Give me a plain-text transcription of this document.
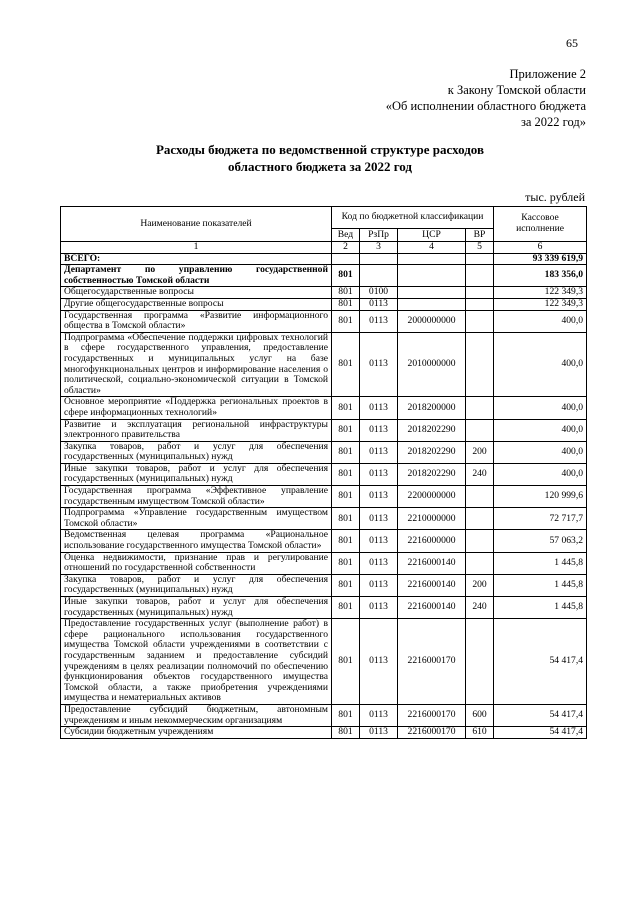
65
Приложение 2
к Закону Томской области
«Об исполнении областного бюджета
за 2022 год»
Расходы бюджета по ведомственной структуре расходов
областного бюджета за 2022 год
тыс. рублей
Наименование показателей	Код по бюджетной классификации				Кассовое исполнение
	Вед	РзПр	ЦСР	ВР	
1	2	3	4	5	6
ВСЕГО:					93 339 619,9
Департамент по управлению государственной собственностью Томской области	801				183 356,0
Общегосударственные вопросы	801	0100			122 349,3
Другие общегосударственные вопросы	801	0113			122 349,3
Государственная программа «Развитие информационного общества в Томской области»	801	0113	2000000000		400,0
Подпрограмма «Обеспечение поддержки цифровых технологий в сфере государственного управления, предоставление государственных и муниципальных услуг на базе многофункциональных центров и информирование населения о политической, социально-экономической ситуации в Томской области»	801	0113	2010000000		400,0
Основное мероприятие «Поддержка региональных проектов в сфере информационных технологий»	801	0113	2018200000		400,0
Развитие и эксплуатация региональной инфраструктуры электронного правительства	801	0113	2018202290		400,0
Закупка товаров, работ и услуг для обеспечения государственных (муниципальных) нужд	801	0113	2018202290	200	400,0
Иные закупки товаров, работ и услуг для обеспечения государственных (муниципальных) нужд	801	0113	2018202290	240	400,0
Государственная программа «Эффективное управление государственным имуществом Томской области»	801	0113	2200000000		120 999,6
Подпрограмма «Управление государственным имуществом Томской области»	801	0113	2210000000		72 717,7
Ведомственная целевая программа «Рациональное использование государственного имущества Томской области»	801	0113	2216000000		57 063,2
Оценка недвижимости, признание прав и регулирование отношений по государственной собственности	801	0113	2216000140		1 445,8
Закупка товаров, работ и услуг для обеспечения государственных (муниципальных) нужд	801	0113	2216000140	200	1 445,8
Иные закупки товаров, работ и услуг для обеспечения государственных (муниципальных) нужд	801	0113	2216000140	240	1 445,8
Предоставление государственных услуг (выполнение работ) в сфере рационального использования государственного имущества Томской области учреждениями в соответствии с государственным заданием и предоставление субсидий учреждениям в целях реализации полномочий по обеспечению функционирования объектов государственного имущества Томской области, а также приобретения учреждениями имущества и нематериальных активов	801	0113	2216000170		54 417,4
Предоставление субсидий бюджетным, автономным учреждениям и иным некоммерческим организациям	801	0113	2216000170	600	54 417,4
Субсидии бюджетным учреждениям	801	0113	2216000170	610	54 417,4
